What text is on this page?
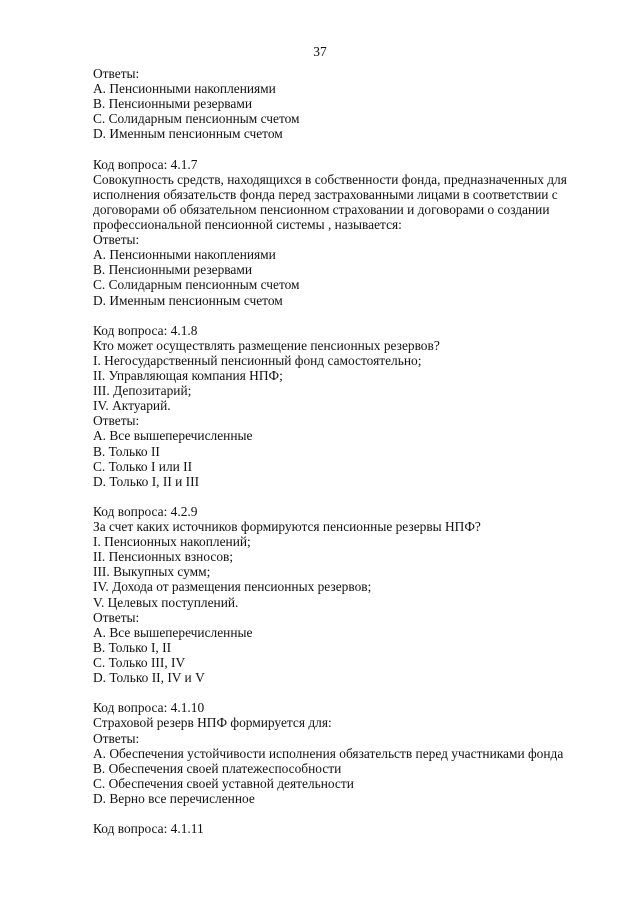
37
Ответы:
А. Пенсионными накоплениями
В. Пенсионными резервами
С. Солидарным пенсионным счетом
D. Именным пенсионным счетом
Код вопроса: 4.1.7
Совокупность средств, находящихся в собственности фонда, предназначенных для
исполнения обязательств фонда перед застрахованными лицами в соответствии с
договорами об обязательном пенсионном страховании и договорами о создании
профессиональной пенсионной системы , называется:
Ответы:
А. Пенсионными накоплениями
В. Пенсионными резервами
С. Солидарным пенсионным счетом
D. Именным пенсионным счетом
Код вопроса: 4.1.8
Кто может осуществлять размещение пенсионных резервов?
I. Негосударственный пенсионный фонд самостоятельно;
II. Управляющая компания НПФ;
III. Депозитарий;
IV. Актуарий.
Ответы:
А. Все вышеперечисленные
В. Только II
С. Только I или II
D. Только I, II и III
Код вопроса: 4.2.9
За счет каких источников формируются пенсионные резервы НПФ?
I. Пенсионных накоплений;
II. Пенсионных взносов;
III. Выкупных сумм;
IV. Дохода от размещения пенсионных резервов;
V. Целевых поступлений.
Ответы:
А. Все вышеперечисленные
В. Только I, II
С. Только III, IV
D. Только II, IV и V
Код вопроса: 4.1.10
Страховой резерв НПФ формируется для:
Ответы:
А. Обеспечения устойчивости исполнения обязательств перед участниками фонда
В. Обеспечения своей платежеспособности
С. Обеспечения своей уставной деятельности
D. Верно все перечисленное
Код вопроса: 4.1.11
